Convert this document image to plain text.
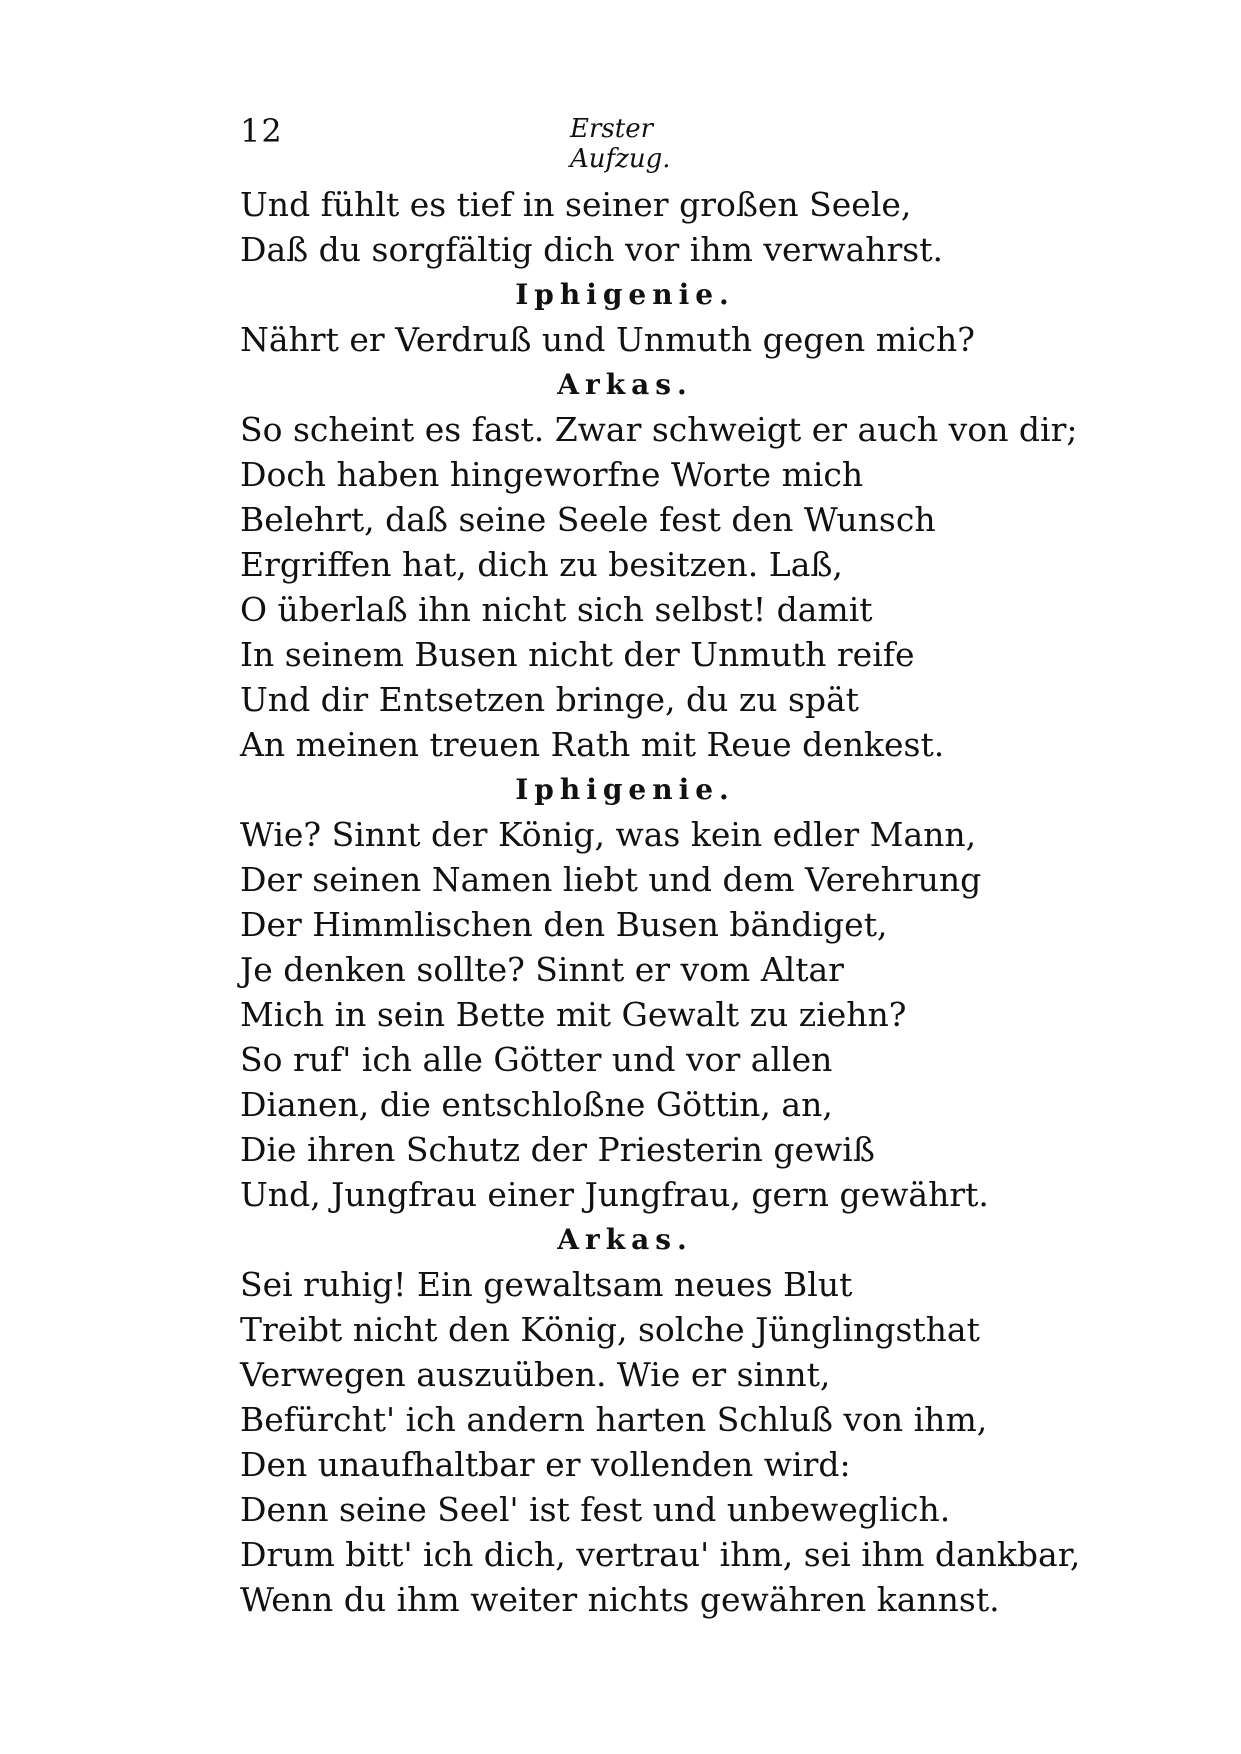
12	Erster Aufzug.
Und fühlt es tief in seiner großen Seele,
Daß du sorgfältig dich vor ihm verwahrst.
Iphigenie.
Nährt er Verdruß und Unmuth gegen mich?
Arkas.
So scheint es fast. Zwar schweigt er auch von dir;
Doch haben hingeworfne Worte mich
Belehrt, daß seine Seele fest den Wunsch
Ergriffen hat, dich zu besitzen. Laß,
O überlaß ihn nicht sich selbst! damit
In seinem Busen nicht der Unmuth reife
Und dir Entsetzen bringe, du zu spät
An meinen treuen Rath mit Reue denkest.
Iphigenie.
Wie? Sinnt der König, was kein edler Mann,
Der seinen Namen liebt und dem Verehrung
Der Himmlischen den Busen bändiget,
Je denken sollte? Sinnt er vom Altar
Mich in sein Bette mit Gewalt zu ziehn?
So ruf' ich alle Götter und vor allen
Dianen, die entschloßne Göttin, an,
Die ihren Schutz der Priesterin gewiß
Und, Jungfrau einer Jungfrau, gern gewährt.
Arkas.
Sei ruhig! Ein gewaltsam neues Blut
Treibt nicht den König, solche Jünglingsthat
Verwegen auszuüben. Wie er sinnt,
Befürcht' ich andern harten Schluß von ihm,
Den unaufhaltbar er vollenden wird:
Denn seine Seel' ist fest und unbeweglich.
Drum bitt' ich dich, vertrau' ihm, sei ihm dankbar,
Wenn du ihm weiter nichts gewähren kannst.
